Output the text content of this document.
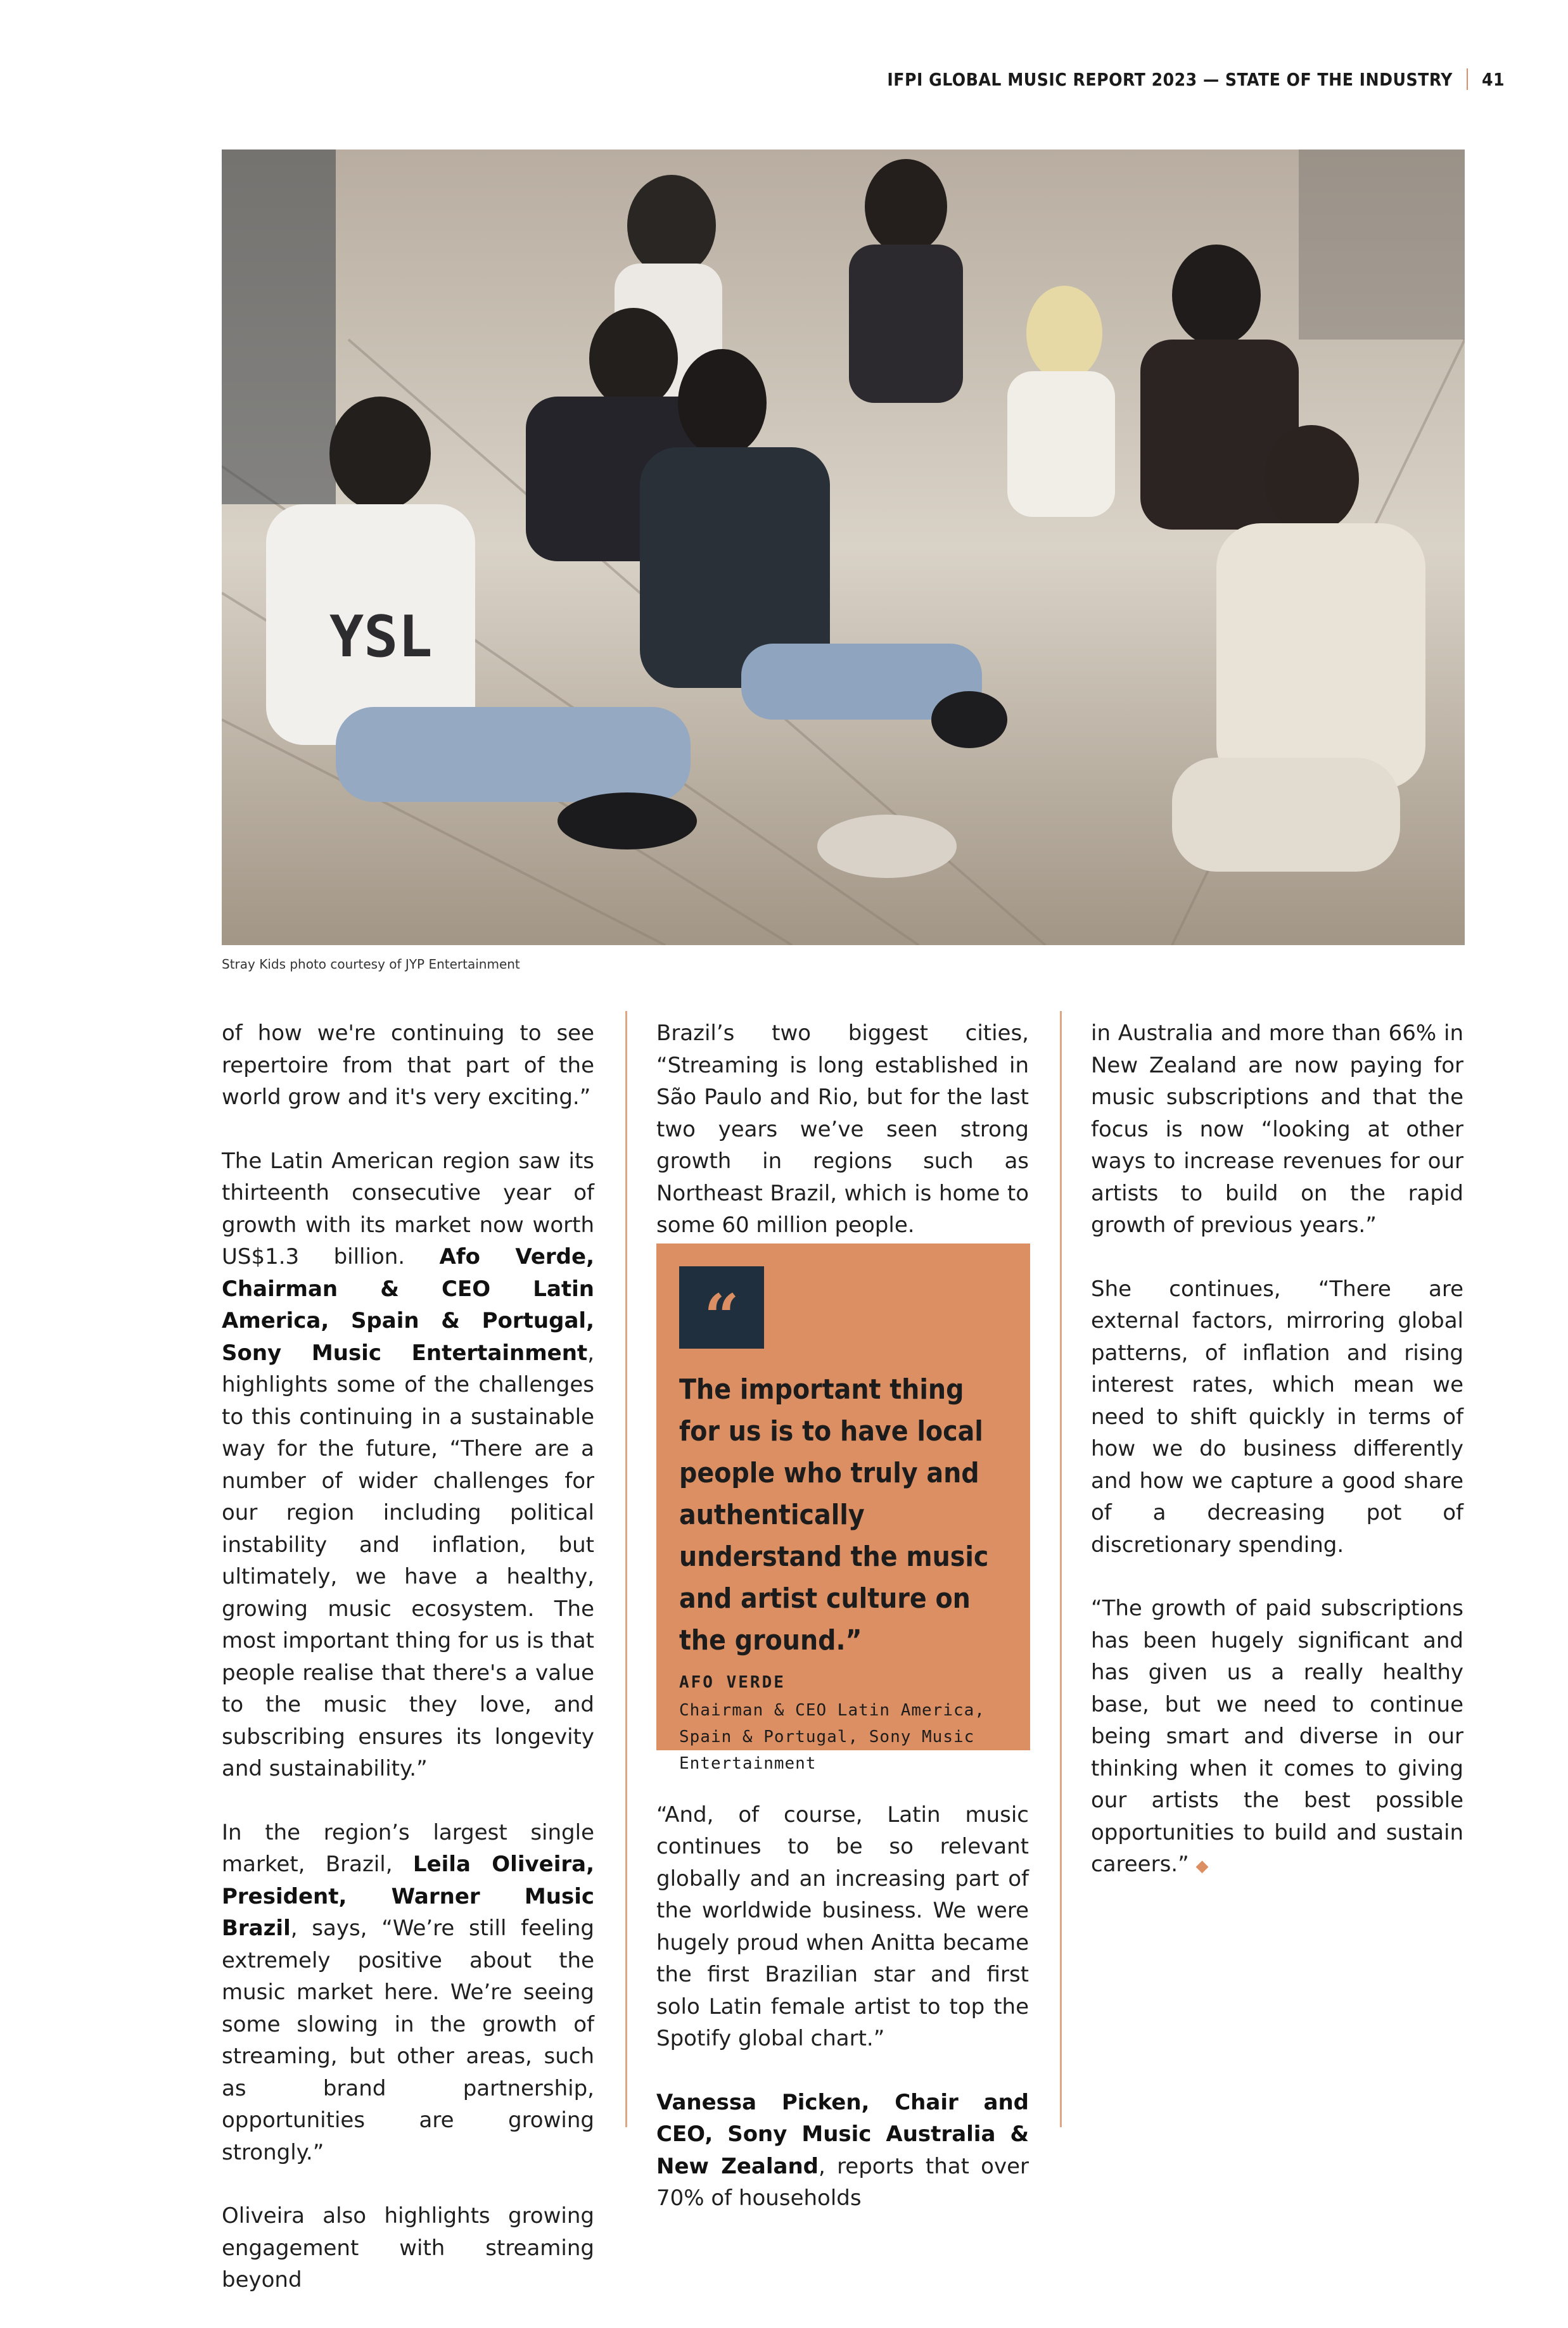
IFPI GLOBAL MUSIC REPORT 2023 — STATE OF THE INDUSTRY 41
YSL
Stray Kids photo courtesy of JYP Entertainment

of how we're continuing to see repertoire from that part of the world grow and it's very exciting.”

The Latin American region saw its thirteenth consecutive year of growth with its market now worth US$1.3 billion. Afo Verde, Chairman & CEO Latin America, Spain & Portugal, Sony Music Entertainment, highlights some of the challenges to this continuing in a sustainable way for the future, “There are a number of wider challenges for our region including political instability and inflation, but ultimately, we have a healthy, growing music ecosystem. The most important thing for us is that people realise that there's a value to the music they love, and subscribing ensures its longevity and sustainability.”

In the region’s largest single market, Brazil, Leila Oliveira, President, Warner Music Brazil, says, “We’re still feeling extremely positive about the music market here. We’re seeing some slowing in the growth of streaming, but other areas, such as brand partnership, opportunities are growing strongly.”

Oliveira also highlights growing engagement with streaming beyond

Brazil’s two biggest cities, “Streaming is long established in São Paulo and Rio, but for the last two years we’ve seen strong growth in regions such as Northeast Brazil, which is home to some 60 million people.

“And, of course, Latin music continues to be so relevant globally and an increasing part of the worldwide business. We were hugely proud when Anitta became the first Brazilian star and first solo Latin female artist to top the Spotify global chart.”

Vanessa Picken, Chair and CEO, Sony Music Australia & New Zealand, reports that over 70% of households

“
The important thing for us is to have local people who truly and authentically understand the music and artist culture on the ground.”
AFO VERDE
Chairman & CEO Latin America, Spain & Portugal, Sony Music Entertainment

in Australia and more than 66% in New Zealand are now paying for music subscriptions and that the focus is now “looking at other ways to increase revenues for our artists to build on the rapid growth of previous years.”

She continues, “There are external factors, mirroring global patterns, of inflation and rising interest rates, which mean we need to shift quickly in terms of how we do business differently and how we capture a good share of a decreasing pot of discretionary spending.

“The growth of paid subscriptions has been hugely significant and has given us a really healthy base, but we need to continue being smart and diverse in our thinking when it comes to giving our artists the best possible opportunities to build and sustain careers.” ◆
